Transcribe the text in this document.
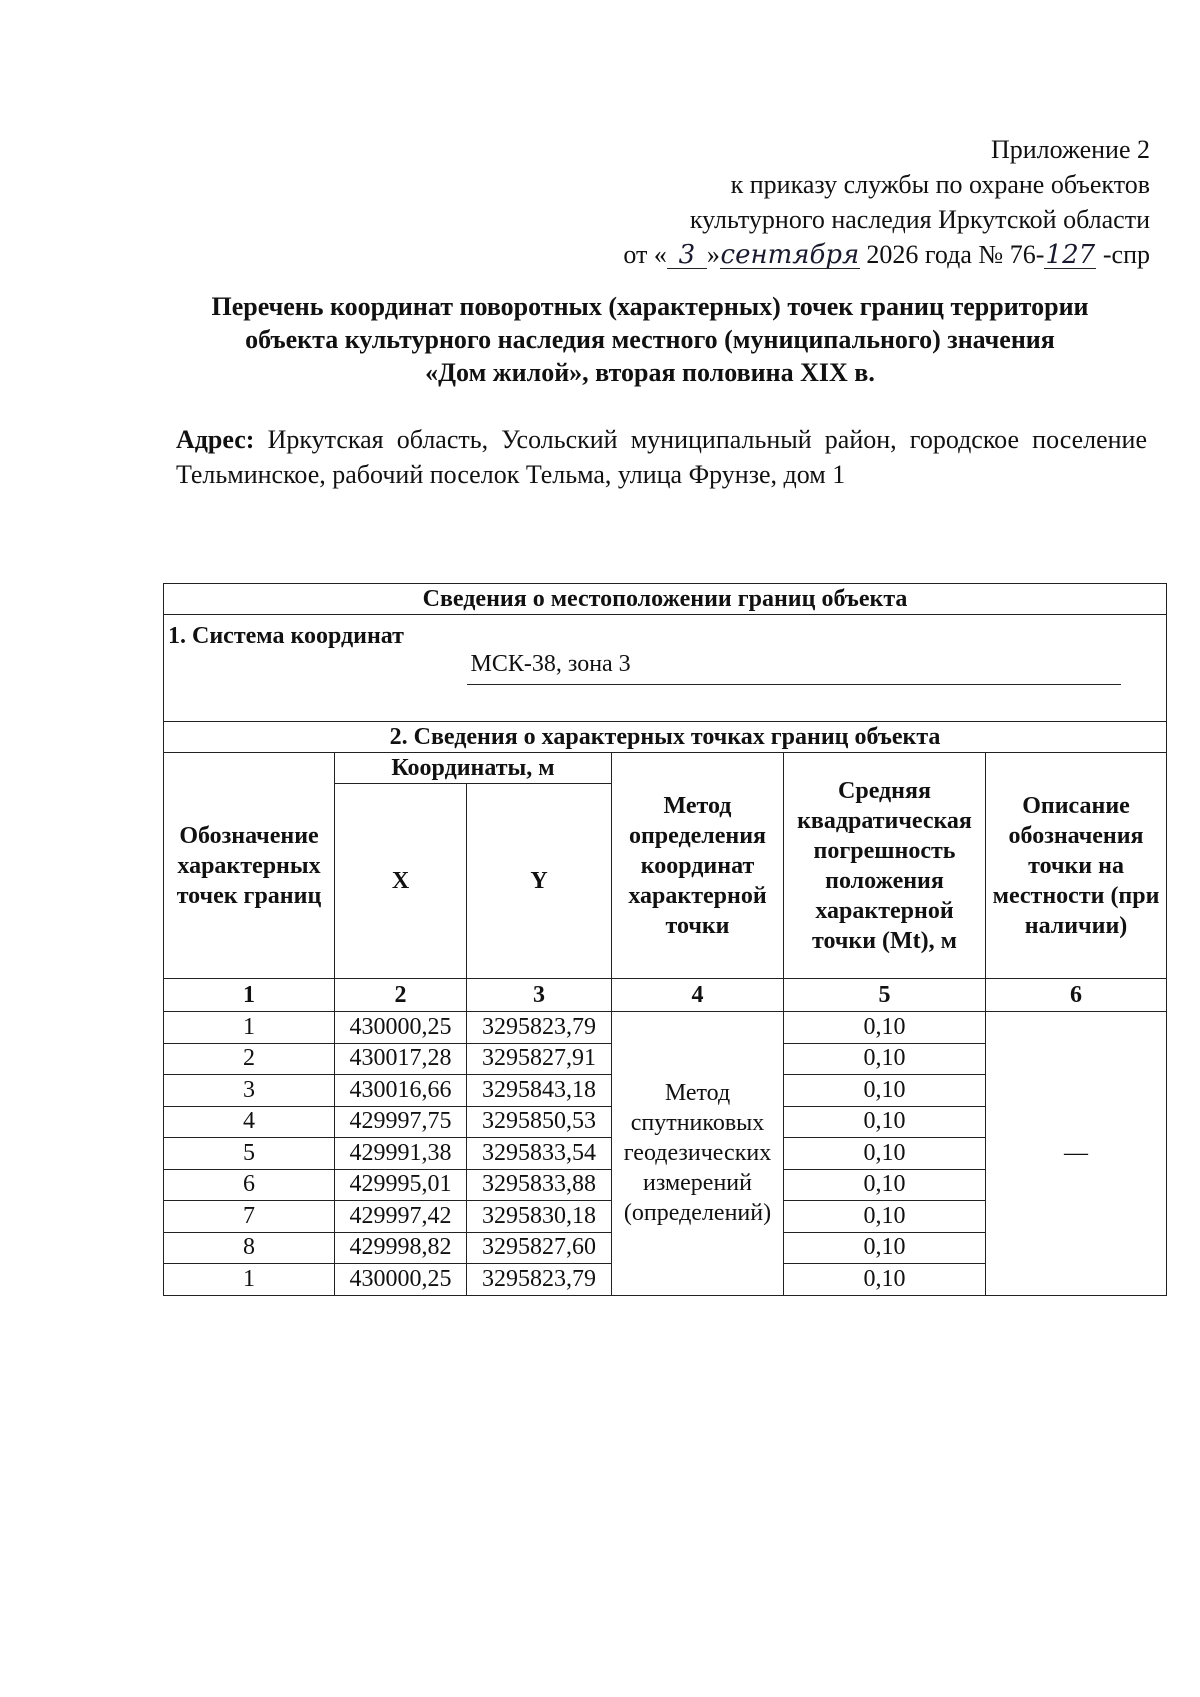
Приложение 2
к приказу службы по охране объектов
культурного наследия Иркутской области
от « 3 »сентября 2026 года № 76-127 -спр
Перечень координат поворотных (характерных) точек границ территории
объекта культурного наследия местного (муниципального) значения
«Дом жилой», вторая половина XIX в.
Адрес: Иркутская область, Усольский муниципальный район, городское поселение Тельминское, рабочий поселок Тельма, улица Фрунзе, дом 1
Сведения о местоположении границ объекта					
1. Система координат		МСК-38, зона 3			
2. Сведения о характерных точках границ объекта					
Обозначение характерных точек границ	Координаты, м		Метод определения координат характерной точки	Средняя квадратическая погрешность положения характерной точки (Mt), м	Описание обозначения точки на местности (при наличии)
	X	Y			
1	2	3	4	5	6
1	430000,25	3295823,79	Метод спутниковых геодезических измерений (определений)	0,10	—
2	430017,28	3295827,91		0,10	
3	430016,66	3295843,18		0,10	
4	429997,75	3295850,53		0,10	
5	429991,38	3295833,54		0,10	
6	429995,01	3295833,88		0,10	
7	429997,42	3295830,18		0,10	
8	429998,82	3295827,60		0,10	
1	430000,25	3295823,79		0,10	
